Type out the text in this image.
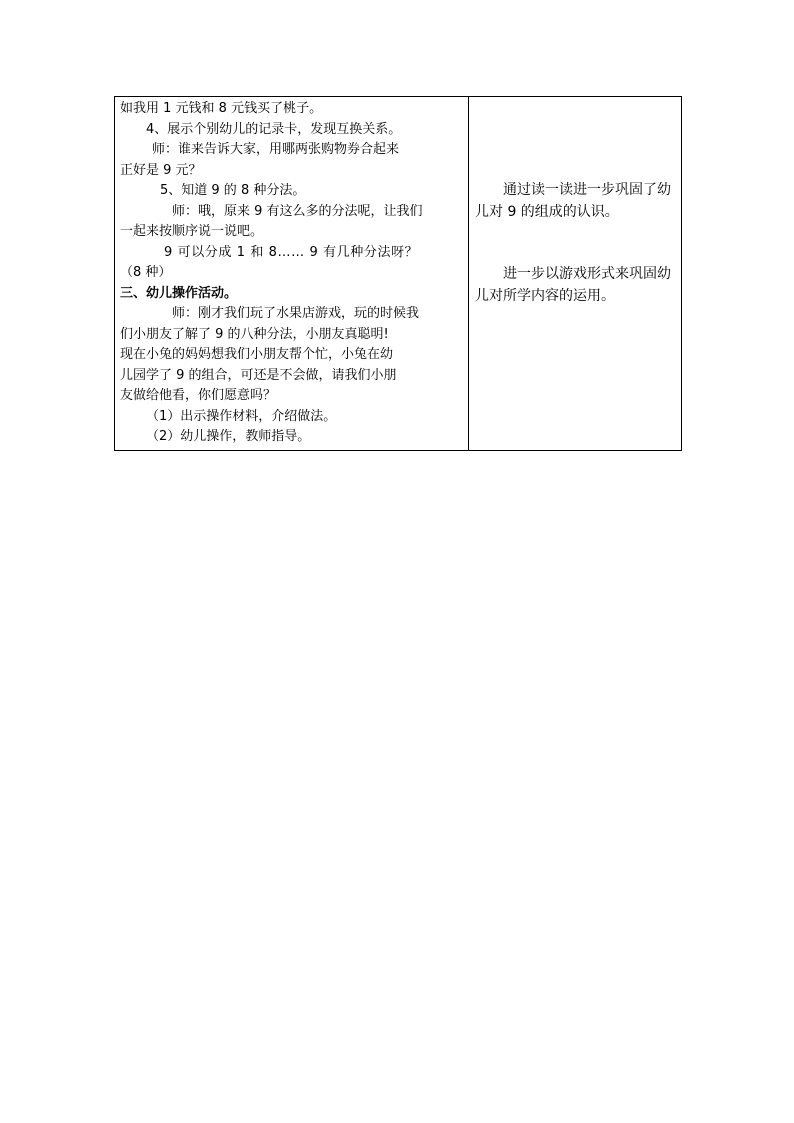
如我用 1 元钱和 8 元钱买了桃子。
4、展示个别幼儿的记录卡，发现互换关系。
师：谁来告诉大家，用哪两张购物券合起来
正好是 9 元？
5、知道 9 的 8 种分法。
师：哦，原来 9 有这么多的分法呢，让我们
一起来按顺序说一说吧。
9 可以分成 1 和 8…… 9 有几种分法呀？
（8 种）
三、幼儿操作活动。
师：刚才我们玩了水果店游戏，玩的时候我
们小朋友了解了 9 的八种分法，小朋友真聪明!
现在小兔的妈妈想我们小朋友帮个忙，小兔在幼
儿园学了 9 的组合，可还是不会做，请我们小朋
友做给他看，你们愿意吗？
（1）出示操作材料，介绍做法。
（2）幼儿操作，教师指导。
通过读一读进一步巩固了幼儿对 9 的组成的认识。
进一步以游戏形式来巩固幼儿对所学内容的运用。
